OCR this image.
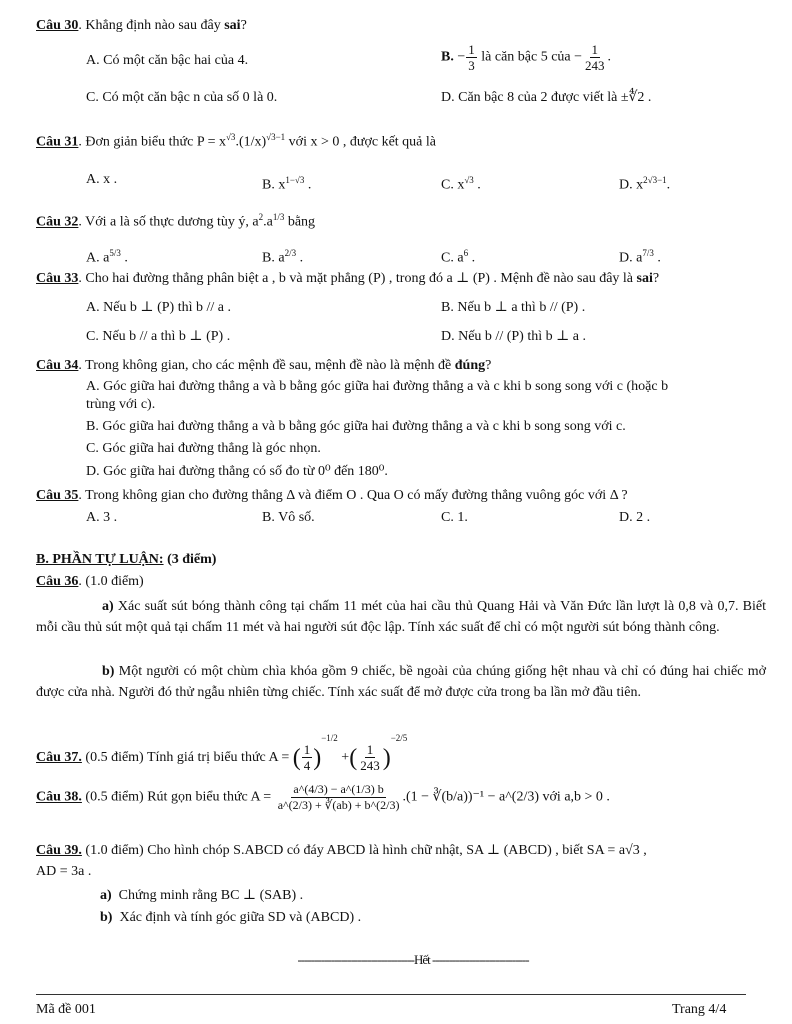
Câu 30. Khẳng định nào sau đây sai?
A. Có một căn bậc hai của 4.	B. − $\frac{1}{3}$ là căn bậc 5 của − $\frac{1}{243}$ .
C. Có một căn bậc n của số 0 là 0.	D. Căn bậc 8 của 2 được viết là ±∜2 .
Câu 31. Đơn giản biểu thức $P = x^{√3}.(1/x)^{√3-1}$ với x > 0 , được kết quả là
A. x .	B. $x^{1-√3}$ .	C. $x^{√3}$ .	D. $x^{2√3-1}$.
Câu 32. Với a là số thực dương tùy ý, $a^2.a^{1/3}$ bằng
A. $a^{5/3}$ .	B. $a^{2/3}$ .	C. $a^6$ .	D. $a^{7/3}$ .
Câu 33. Cho hai đường thẳng phân biệt a , b và mặt phẳng (P) , trong đó a ⊥ (P) . Mệnh đề nào sau đây là sai?
A. Nếu b ⊥ (P) thì b // a .	B. Nếu b ⊥ a thì b // (P) .
C. Nếu b // a thì b ⊥ (P) .	D. Nếu b // (P) thì b ⊥ a .
Câu 34. Trong không gian, cho các mệnh đề sau, mệnh đề nào là mệnh đề đúng?
A. Góc giữa hai đường thẳng a và b bằng góc giữa hai đường thẳng a và c khi b song song với c (hoặc b
trùng với c).
B. Góc giữa hai đường thẳng a và b bằng góc giữa hai đường thẳng a và c khi b song song với c.
C. Góc giữa hai đường thẳng là góc nhọn.
D. Góc giữa hai đường thẳng có số đo từ 0⁰ đến 180⁰.
Câu 35. Trong không gian cho đường thẳng Δ và điểm O . Qua O có mấy đường thẳng vuông góc với Δ ?
A. 3 .	B. Vô số.	C. 1.	D. 2 .
B. PHẦN TỰ LUẬN: (3 điểm)
Câu 36. (1.0 điểm)
a) Xác suất sút bóng thành công tại chấm 11 mét của hai cầu thủ Quang Hải và Văn Đức lần lượt là 0,8 và 0,7. Biết mỗi cầu thủ sút một quả tại chấm 11 mét và hai người sút độc lập. Tính xác suất để chỉ có một người sút bóng thành công.
b) Một người có một chùm chìa khóa gồm 9 chiếc, bề ngoài của chúng giống hệt nhau và chỉ có đúng hai chiếc mở được cửa nhà. Người đó thử ngẫu nhiên từng chiếc. Tính xác suất để mở được cửa trong ba lần mở đầu tiên.
Câu 37. (0.5 điểm) Tính giá trị biểu thức A = ( $\frac{1}{4} )^{-1/2}$ +( $\frac{1}{243} )^{-2/5}$
Câu 38. (0.5 điểm) Rút gọn biểu thức $A = \frac{a\^{}(4/3) - a\^{}(1/3) b}{a\^{}(2/3) + ∛(ab) + b\^{}(2/3)} .(1$ − ∛(b/a))⁻¹ − a^(2/3) với a,b > 0 .
Câu 39. (1.0 điểm) Cho hình chóp S.ABCD có đáy ABCD là hình chữ nhật, SA ⊥ (ABCD) , biết SA = a√3 ,
AD = 3a .
a) Chứng minh rằng BC ⊥ (SAB) .
b) Xác định và tính góc giữa SD và (ABCD) .
-----------------------------------Hết -----------------------------
Mã đề 001	Trang 4/4
